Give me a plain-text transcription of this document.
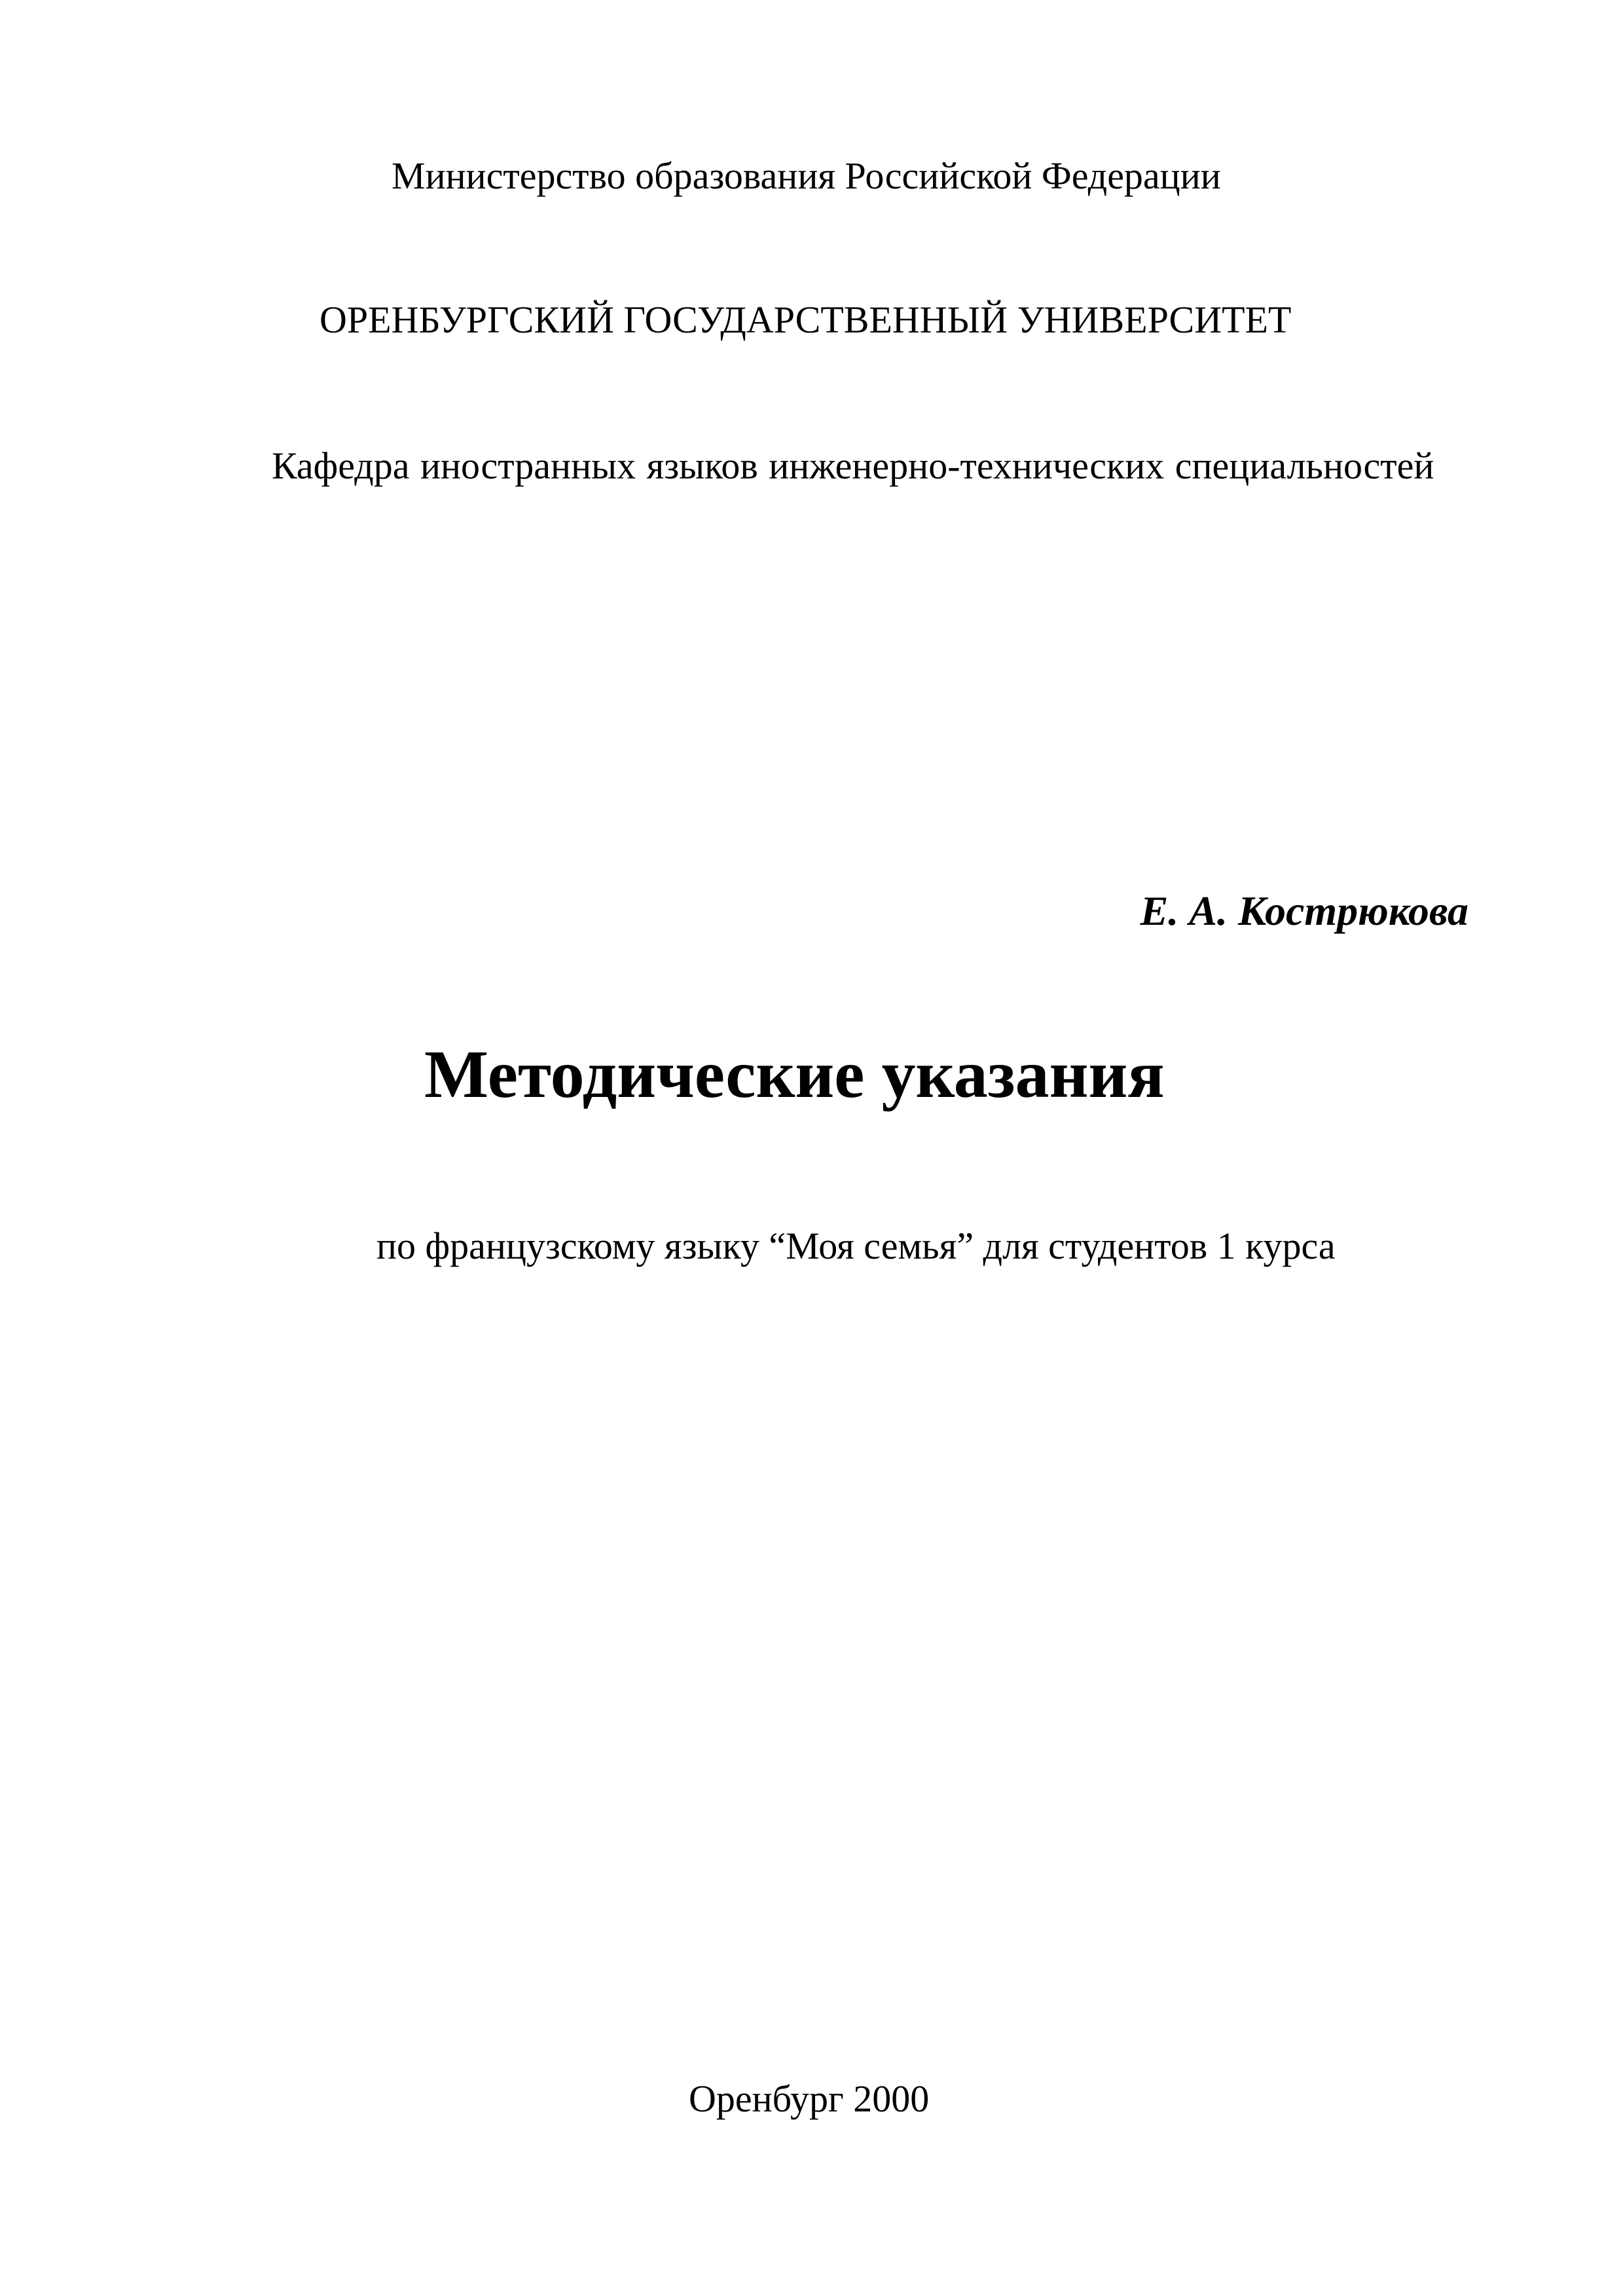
Министерство образования Российской Федерации
ОРЕНБУРГСКИЙ ГОСУДАРСТВЕННЫЙ УНИВЕРСИТЕТ
Кафедра иностранных языков инженерно-технических специальностей
Е. А. Кострюкова
Методические указания
по французскому языку “Моя семья” для студентов 1 курса
Оренбург 2000
